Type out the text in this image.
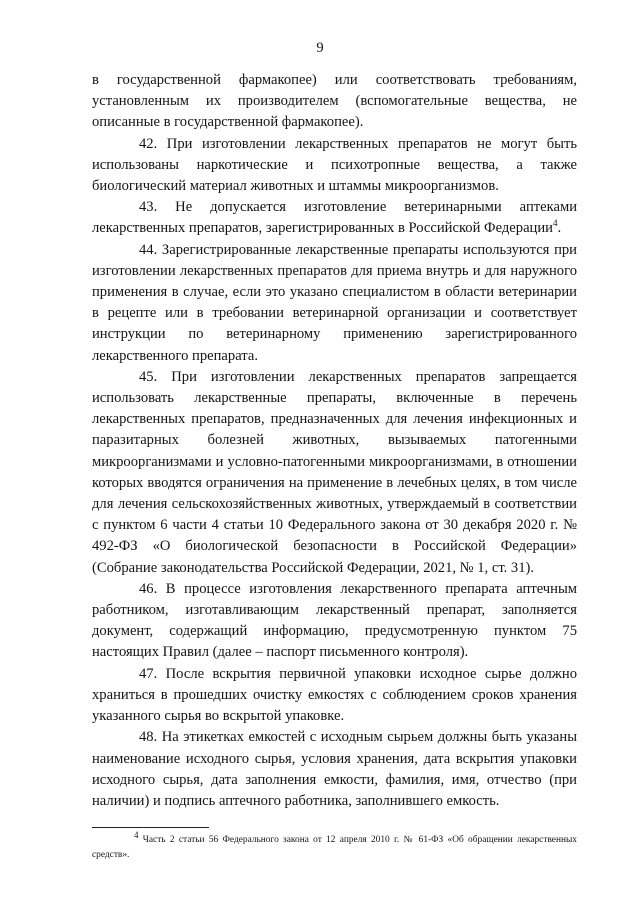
9

в государственной фармакопее) или соответствовать требованиям, установленным их производителем (вспомогательные вещества, не описанные в государственной фармакопее).

42. При изготовлении лекарственных препаратов не могут быть использованы наркотические и психотропные вещества, а также биологический материал животных и штаммы микроорганизмов.

43. Не допускается изготовление ветеринарными аптеками лекарственных препаратов, зарегистрированных в Российской Федерации$^4$.

44. Зарегистрированные лекарственные препараты используются при изготовлении лекарственных препаратов для приема внутрь и для наружного применения в случае, если это указано специалистом в области ветеринарии в рецепте или в требовании ветеринарной организации и соответствует инструкции по ветеринарному применению зарегистрированного лекарственного препарата.

45. При изготовлении лекарственных препаратов запрещается использовать лекарственные препараты, включенные в перечень лекарственных препаратов, предназначенных для лечения инфекционных и паразитарных болезней животных, вызываемых патогенными микроорганизмами и условно-патогенными микроорганизмами, в отношении которых вводятся ограничения на применение в лечебных целях, в том числе для лечения сельскохозяйственных животных, утверждаемый в соответствии с пунктом 6 части 4 статьи 10 Федерального закона от 30 декабря 2020 г. № 492-ФЗ «О биологической безопасности в Российской Федерации» (Собрание законодательства Российской Федерации, 2021, № 1, ст. 31).

46. В процессе изготовления лекарственного препарата аптечным работником, изготавливающим лекарственный препарат, заполняется документ, содержащий информацию, предусмотренную пунктом 75 настоящих Правил (далее – паспорт письменного контроля).

47. После вскрытия первичной упаковки исходное сырье должно храниться в прошедших очистку емкостях с соблюдением сроков хранения указанного сырья во вскрытой упаковке.

48. На этикетках емкостей с исходным сырьем должны быть указаны наименование исходного сырья, условия хранения, дата вскрытия упаковки исходного сырья, дата заполнения емкости, фамилия, имя, отчество (при наличии) и подпись аптечного работника, заполнившего емкость.

$^4$ Часть 2 статьи 56 Федерального закона от 12 апреля 2010 г. № 61-ФЗ «Об обращении лекарственных средств».
